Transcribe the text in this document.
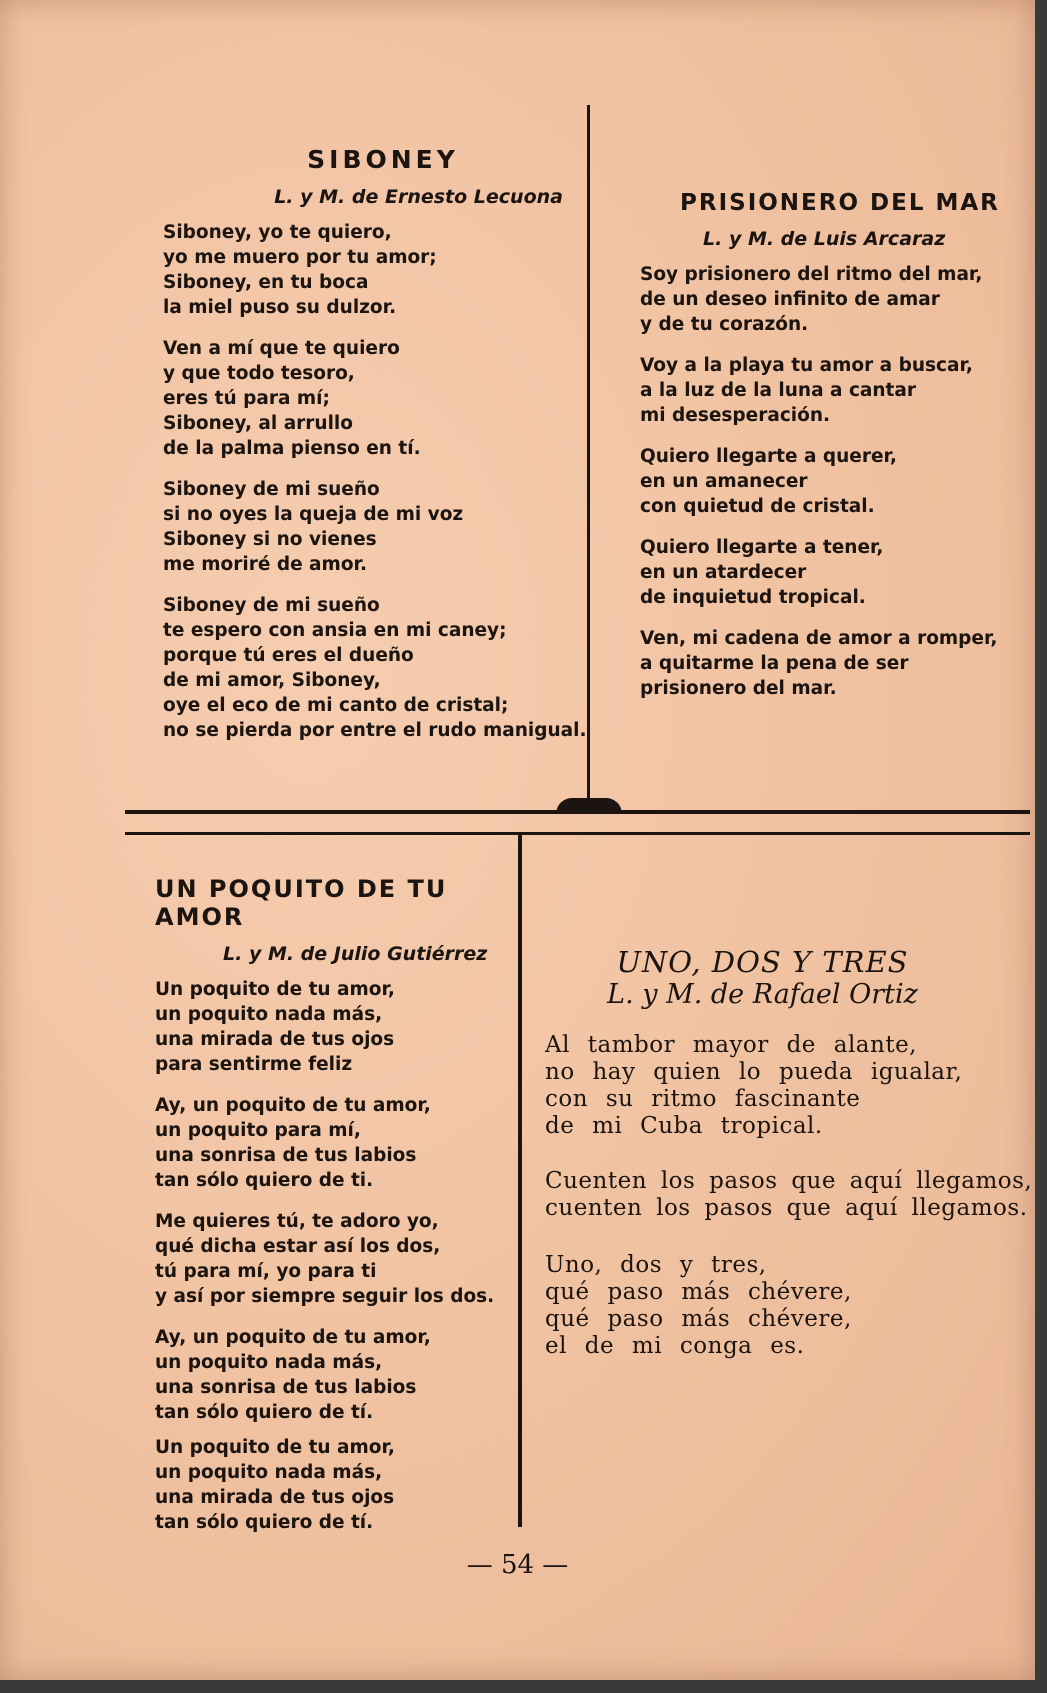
SIBONEY
L. y M. de Ernesto Lecuona
Siboney, yo te quiero,
yo me muero por tu amor;
Siboney, en tu boca
la miel puso su dulzor.
Ven a mí que te quiero
y que todo tesoro,
eres tú para mí;
Siboney, al arrullo
de la palma pienso en tí.
Siboney de mi sueño
si no oyes la queja de mi voz
Siboney si no vienes
me moriré de amor.
Siboney de mi sueño
te espero con ansia en mi caney;
porque tú eres el dueño
de mi amor, Siboney,
oye el eco de mi canto de cristal;
no se pierda por entre el rudo manigual.
PRISIONERO DEL MAR
L. y M. de Luis Arcaraz
Soy prisionero del ritmo del mar,
de un deseo infinito de amar
y de tu corazón.
Voy a la playa tu amor a buscar,
a la luz de la luna a cantar
mi desesperación.
Quiero llegarte a querer,
en un amanecer
con quietud de cristal.
Quiero llegarte a tener,
en un atardecer
de inquietud tropical.
Ven, mi cadena de amor a romper,
a quitarme la pena de ser
prisionero del mar.
UN POQUITO DE TU AMOR
L. y M. de Julio Gutiérrez
Un poquito de tu amor,
un poquito nada más,
una mirada de tus ojos
para sentirme feliz
Ay, un poquito de tu amor,
un poquito para mí,
una sonrisa de tus labios
tan sólo quiero de ti.
Me quieres tú, te adoro yo,
qué dicha estar así los dos,
tú para mí, yo para ti
y así por siempre seguir los dos.
Ay, un poquito de tu amor,
un poquito nada más,
una sonrisa de tus labios
tan sólo quiero de tí.
Un poquito de tu amor,
un poquito nada más,
una mirada de tus ojos
tan sólo quiero de tí.
UNO, DOS Y TRES
L. y M. de Rafael Ortiz
Al tambor mayor de alante,
no hay quien lo pueda igualar,
con su ritmo fascinante
de mi Cuba tropical.
Cuenten los pasos que aquí llegamos,
cuenten los pasos que aquí llegamos.
Uno, dos y tres,
qué paso más chévere,
qué paso más chévere,
el de mi conga es.
— 54 —
